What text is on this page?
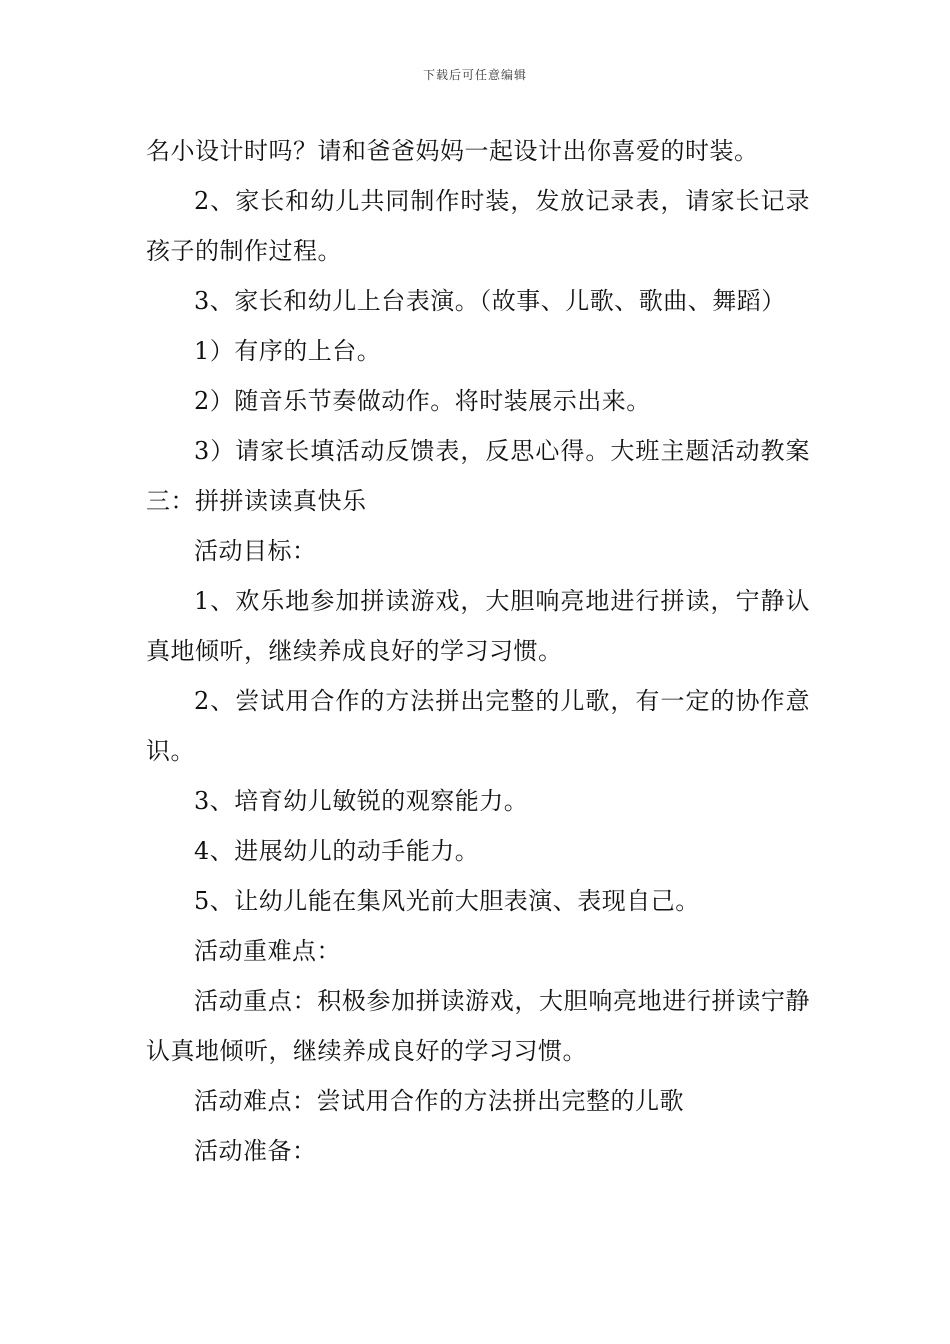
下载后可任意编辑

名小设计时吗？请和爸爸妈妈一起设计出你喜爱的时装。

2、家长和幼儿共同制作时装，发放记录表，请家长记录孩子的制作过程。

3、家长和幼儿上台表演。（故事、儿歌、歌曲、舞蹈）

1）有序的上台。

2）随音乐节奏做动作。将时装展示出来。

3）请家长填活动反馈表，反思心得。大班主题活动教案三：拼拼读读真快乐

活动目标：

1、欢乐地参加拼读游戏，大胆响亮地进行拼读，宁静认真地倾听，继续养成良好的学习习惯。

2、尝试用合作的方法拼出完整的儿歌，有一定的协作意识。

3、培育幼儿敏锐的观察能力。

4、进展幼儿的动手能力。

5、让幼儿能在集风光前大胆表演、表现自己。

活动重难点：

活动重点：积极参加拼读游戏，大胆响亮地进行拼读宁静认真地倾听，继续养成良好的学习习惯。

活动难点：尝试用合作的方法拼出完整的儿歌

活动准备：
